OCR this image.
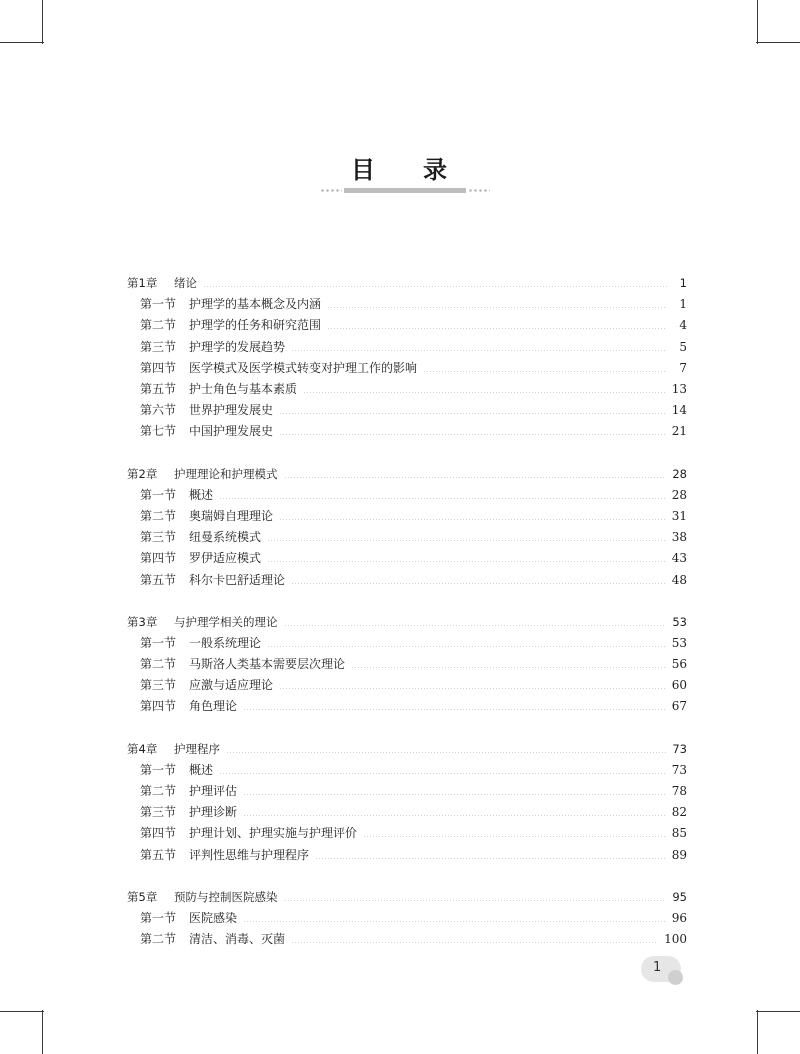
目 录
第1章	绪论	1
第一节	护理学的基本概念及内涵	1
第二节	护理学的任务和研究范围	4
第三节	护理学的发展趋势	5
第四节	医学模式及医学模式转变对护理工作的影响	7
第五节	护士角色与基本素质	13
第六节	世界护理发展史	14
第七节	中国护理发展史	21
第2章	护理理论和护理模式	28
第一节	概述	28
第二节	奥瑞姆自理理论	31
第三节	纽曼系统模式	38
第四节	罗伊适应模式	43
第五节	科尔卡巴舒适理论	48
第3章	与护理学相关的理论	53
第一节	一般系统理论	53
第二节	马斯洛人类基本需要层次理论	56
第三节	应激与适应理论	60
第四节	角色理论	67
第4章	护理程序	73
第一节	概述	73
第二节	护理评估	78
第三节	护理诊断	82
第四节	护理计划、护理实施与护理评价	85
第五节	评判性思维与护理程序	89
第5章	预防与控制医院感染	95
第一节	医院感染	96
第二节	清洁、消毒、灭菌	100
1
